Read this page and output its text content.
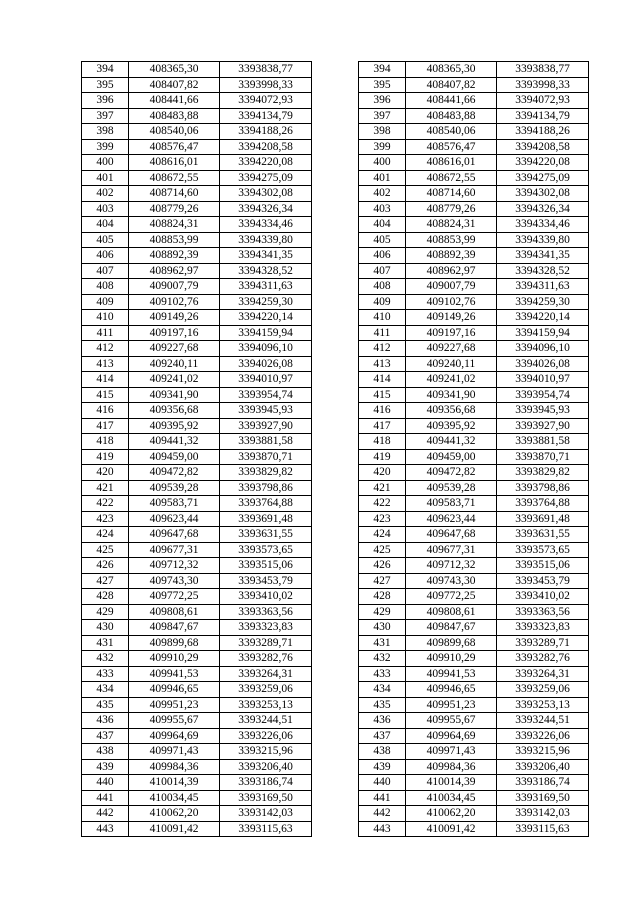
394	408365,30	3393838,77		394	408365,30	3393838,77
395	408407,82	3393998,33		395	408407,82	3393998,33
396	408441,66	3394072,93		396	408441,66	3394072,93
397	408483,88	3394134,79		397	408483,88	3394134,79
398	408540,06	3394188,26		398	408540,06	3394188,26
399	408576,47	3394208,58		399	408576,47	3394208,58
400	408616,01	3394220,08		400	408616,01	3394220,08
401	408672,55	3394275,09		401	408672,55	3394275,09
402	408714,60	3394302,08		402	408714,60	3394302,08
403	408779,26	3394326,34		403	408779,26	3394326,34
404	408824,31	3394334,46		404	408824,31	3394334,46
405	408853,99	3394339,80		405	408853,99	3394339,80
406	408892,39	3394341,35		406	408892,39	3394341,35
407	408962,97	3394328,52		407	408962,97	3394328,52
408	409007,79	3394311,63		408	409007,79	3394311,63
409	409102,76	3394259,30		409	409102,76	3394259,30
410	409149,26	3394220,14		410	409149,26	3394220,14
411	409197,16	3394159,94		411	409197,16	3394159,94
412	409227,68	3394096,10		412	409227,68	3394096,10
413	409240,11	3394026,08		413	409240,11	3394026,08
414	409241,02	3394010,97		414	409241,02	3394010,97
415	409341,90	3393954,74		415	409341,90	3393954,74
416	409356,68	3393945,93		416	409356,68	3393945,93
417	409395,92	3393927,90		417	409395,92	3393927,90
418	409441,32	3393881,58		418	409441,32	3393881,58
419	409459,00	3393870,71		419	409459,00	3393870,71
420	409472,82	3393829,82		420	409472,82	3393829,82
421	409539,28	3393798,86		421	409539,28	3393798,86
422	409583,71	3393764,88		422	409583,71	3393764,88
423	409623,44	3393691,48		423	409623,44	3393691,48
424	409647,68	3393631,55		424	409647,68	3393631,55
425	409677,31	3393573,65		425	409677,31	3393573,65
426	409712,32	3393515,06		426	409712,32	3393515,06
427	409743,30	3393453,79		427	409743,30	3393453,79
428	409772,25	3393410,02		428	409772,25	3393410,02
429	409808,61	3393363,56		429	409808,61	3393363,56
430	409847,67	3393323,83		430	409847,67	3393323,83
431	409899,68	3393289,71		431	409899,68	3393289,71
432	409910,29	3393282,76		432	409910,29	3393282,76
433	409941,53	3393264,31		433	409941,53	3393264,31
434	409946,65	3393259,06		434	409946,65	3393259,06
435	409951,23	3393253,13		435	409951,23	3393253,13
436	409955,67	3393244,51		436	409955,67	3393244,51
437	409964,69	3393226,06		437	409964,69	3393226,06
438	409971,43	3393215,96		438	409971,43	3393215,96
439	409984,36	3393206,40		439	409984,36	3393206,40
440	410014,39	3393186,74		440	410014,39	3393186,74
441	410034,45	3393169,50		441	410034,45	3393169,50
442	410062,20	3393142,03		442	410062,20	3393142,03
443	410091,42	3393115,63		443	410091,42	3393115,63
